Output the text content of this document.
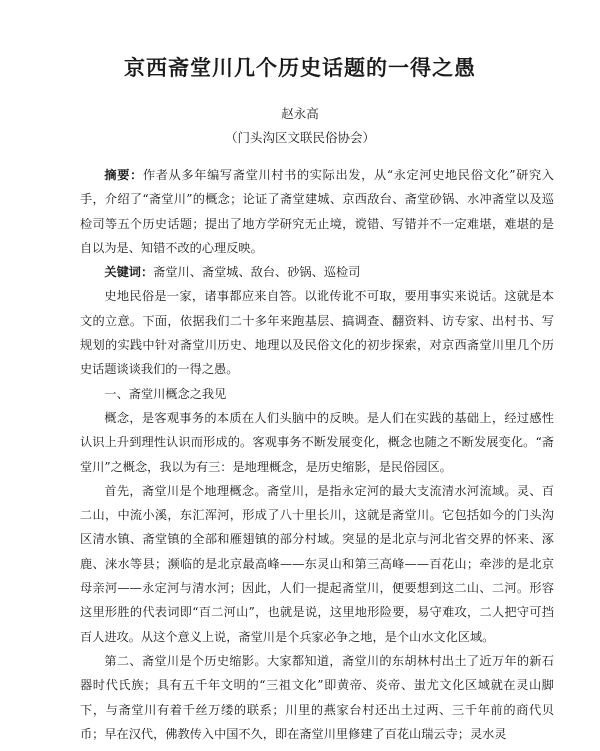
京西斋堂川几个历史话题的一得之愚
赵永高
（门头沟区文联民俗协会）

摘要：作者从多年编写斋堂川村书的实际出发，从“永定河史地民俗文化”研究入手，介绍了“斋堂川”的概念；论证了斋堂建城、京西敌台、斋堂砂锅、水冲斋堂以及巡检司等五个历史话题；提出了地方学研究无止境，谠错、写错并不一定难堪，难堪的是自以为是、知错不改的心理反映。

关键词：斋堂川、斋堂城、敌台、砂锅、巡检司

史地民俗是一家，诸事都应来自答。以讹传讹不可取，要用事实来说话。这就是本文的立意。下面，依据我们二十多年来跑基层、搞调查、翻资料、访专家、出村书、写规划的实践中针对斋堂川历史、地理以及民俗文化的初步探索，对京西斋堂川里几个历史话题谈谈我们的一得之愚。

一、斋堂川概念之我见

概念，是客观事务的本质在人们头脑中的反映。是人们在实践的基础上，经过感性认识上升到理性认识而形成的。客观事务不断发展变化，概念也随之不断发展变化。“斋堂川”之概念，我以为有三：是地理概念，是历史缩影，是民俗园区。

首先，斋堂川是个地理概念。斋堂川，是指永定河的最大支流清水河流域。灵、百二山，中流小溪，东汇浑河，形成了八十里长川，这就是斋堂川。它包括如今的门头沟区清水镇、斋堂镇的全部和雁翅镇的部分村域。突显的是北京与河北省交界的怀来、涿鹿、涞水等县；濒临的是北京最高峰——东灵山和第三高峰——百花山；牵涉的是北京母亲河——永定河与清水河；因此，人们一提起斋堂川，便要想到这二山、二河。形容这里形胜的代表词即“百二河山”，也就是说，这里地形险要，易守难攻，二人把守可挡百人进攻。从这个意义上说，斋堂川是个兵家必争之地，是个山水文化区域。

第二、斋堂川是个历史缩影。大家都知道，斋堂川的东胡林村出土了近万年的新石器时代氏族；具有五千年文明的“三祖文化”即黄帝、炎帝、蚩尤文化区域就在灵山脚下，与斋堂川有着千丝万缕的联系；川里的燕家台村还出土过两、三千年前的商代贝币；早在汉代，佛教传入中国不久，即在斋堂川里修建了百花山瑞云寺；灵水灵
